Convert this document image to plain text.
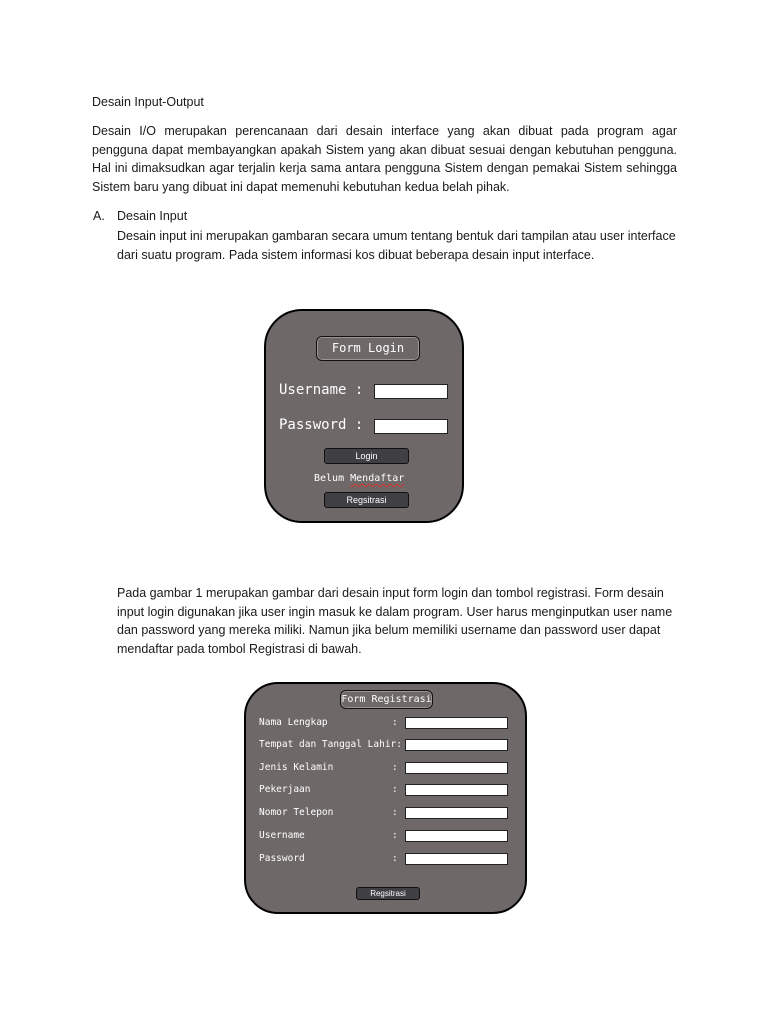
Desain Input-Output
Desain I/O merupakan perencanaan dari desain interface yang akan dibuat pada program agar pengguna dapat membayangkan apakah Sistem yang akan dibuat sesuai dengan kebutuhan pengguna. Hal ini dimaksudkan agar terjalin kerja sama antara pengguna Sistem dengan pemakai Sistem sehingga Sistem baru yang dibuat ini dapat memenuhi kebutuhan kedua belah pihak.
A. Desain Input
Desain input ini merupakan gambaran secara umum tentang bentuk dari tampilan atau user interface dari suatu program. Pada sistem informasi kos dibuat beberapa desain input interface.
Form Login
Username :
Password :
Login
Belum Mendaftar
Regsitrasi
Pada gambar 1 merupakan gambar dari desain input form login dan tombol registrasi. Form desain input login digunakan jika user ingin masuk ke dalam program. User harus menginputkan user name dan password yang mereka miliki. Namun jika belum memiliki username dan password user dapat mendaftar pada tombol Registrasi di bawah.
Form Registrasi
Nama Lengkap	:
Tempat dan Tanggal Lahir:
Jenis Kelamin	:
Pekerjaan	:
Nomor Telepon	:
Username	:
Password	:
Regsitrasi
